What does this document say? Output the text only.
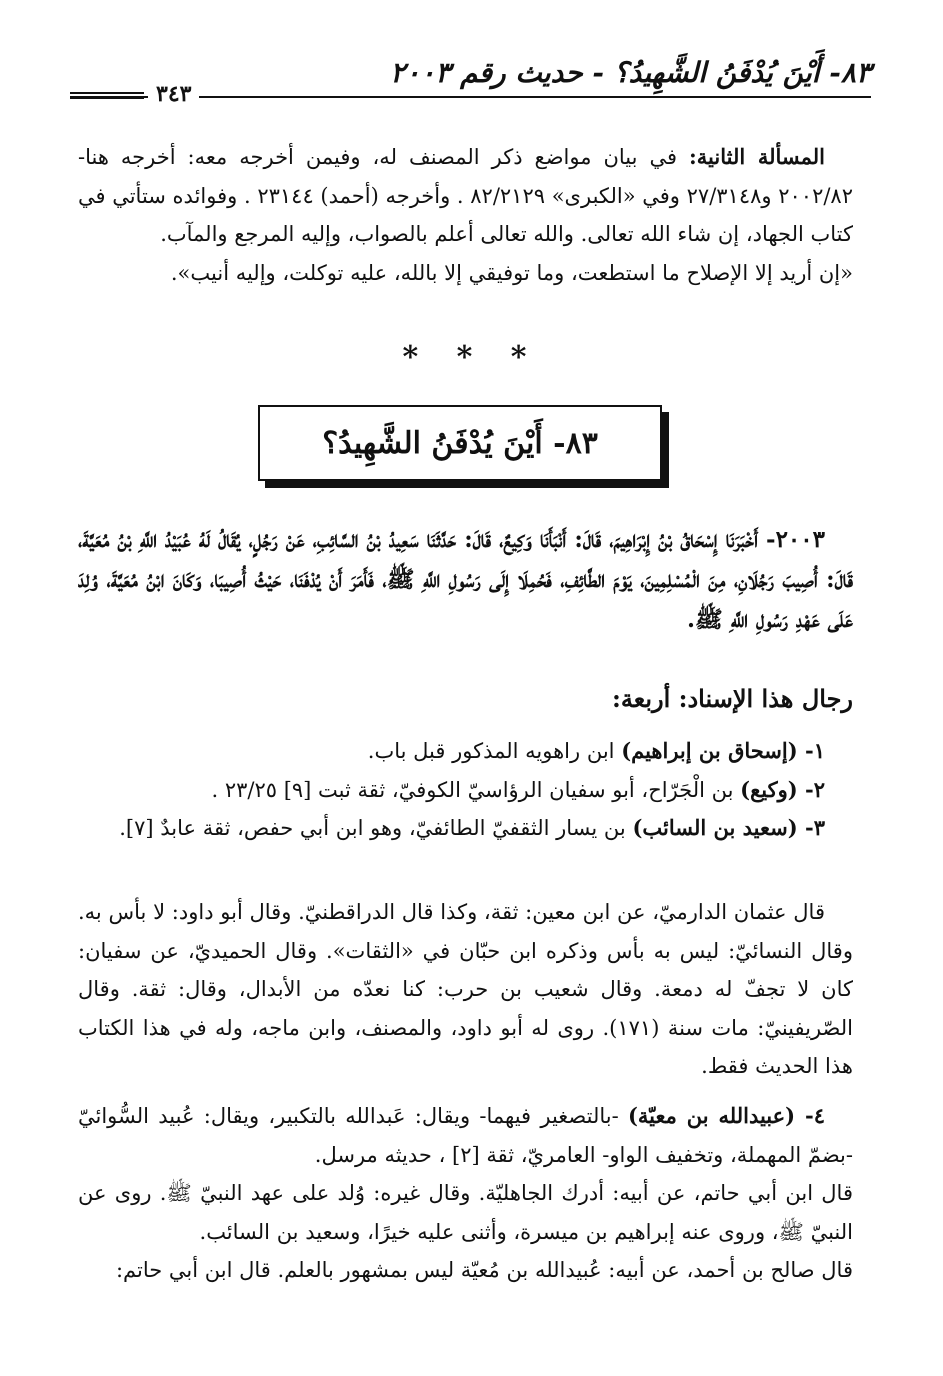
٨٣- أَيْنَ يُدْفَنُ الشَّهِيدُ؟ - حديث رقم ٢٠٠٣
٣٤٣

المسألة الثانية: في بيان مواضع ذكر المصنف له، وفيمن أخرجه معه: أخرجه هنا- ٢٠٠٢/٨٢ و٢٧/٣١٤٨ وفي «الكبرى» ٨٢/٢١٢٩ . وأخرجه (أحمد) ٢٣١٤٤ . وفوائده ستأتي في كتاب الجهاد، إن شاء الله تعالى. والله تعالى أعلم بالصواب، وإليه المرجع والمآب.

«إن أريد إلا الإصلاح ما استطعت، وما توفيقي إلا بالله، عليه توكلت، وإليه أنيب».

* * *
٨٣- أَيْنَ يُدْفَنُ الشَّهِيدُ؟

٢٠٠٣- أَخْبَرَنَا إِسْحَاقُ بْنُ إِبْرَاهِيمَ، قَالَ: أَنْبَأَنَا وَكِيعٌ، قَالَ: حَدَّثَنَا سَعِيدُ بْنُ السَّائِبِ، عَنْ رَجُلٍ، يُقَالُ لَهُ عُبَيْدُ اللَّهِ بْنُ مُعَيَّةَ، قَالَ: أُصِيبَ رَجُلَانِ، مِنَ الْمُسْلِمِينَ، يَوْمَ الطَّائِفِ، فَحُمِلَا إِلَى رَسُولِ اللَّهِ ﷺ، فَأَمَرَ أَنْ يُدْفَنَا، حَيْثُ أُصِيبَا، وَكَانَ ابْنُ مُعَيَّةَ، وُلِدَ عَلَى عَهْدِ رَسُولِ اللَّهِ ﷺ.

رجال هذا الإسناد: أربعة:

١- (إسحاق بن إبراهيم) ابن راهويه المذكور قبل باب.

٢- (وكيع) بن الْجَرّاح، أبو سفيان الرؤاسيّ الكوفيّ، ثقة ثبت [٩] ٢٣/٢٥ .

٣- (سعيد بن السائب) بن يسار الثقفيّ الطائفيّ، وهو ابن أبي حفص، ثقة عابدٌ [٧].

قال عثمان الدارميّ، عن ابن معين: ثقة، وكذا قال الدراقطنيّ. وقال أبو داود: لا بأس به. وقال النسائيّ: ليس به بأس وذكره ابن حبّان في «الثقات». وقال الحميديّ، عن سفيان: كان لا تجفّ له دمعة. وقال شعيب بن حرب: كنا نعدّه من الأبدال، وقال: ثقة. وقال الصّريفينيّ: مات سنة (١٧١). روى له أبو داود، والمصنف، وابن ماجه، وله في هذا الكتاب هذا الحديث فقط.

٤- (عبيدالله بن معيّة) -بالتصغير فيهما- ويقال: عَبدالله بالتكبير، ويقال: عُبيد السُّوائيّ -بضمّ المهملة، وتخفيف الواو- العامريّ، ثقة [٢] ، حديثه مرسل.

قال ابن أبي حاتم، عن أبيه: أدرك الجاهليّة. وقال غيره: وُلد على عهد النبيّ ﷺ. روى عن النبيّ ﷺ، وروى عنه إبراهيم بن ميسرة، وأثنى عليه خيرًا، وسعيد بن السائب.

قال صالح بن أحمد، عن أبيه: عُبيدالله بن مُعيّة ليس بمشهور بالعلم. قال ابن أبي حاتم:
